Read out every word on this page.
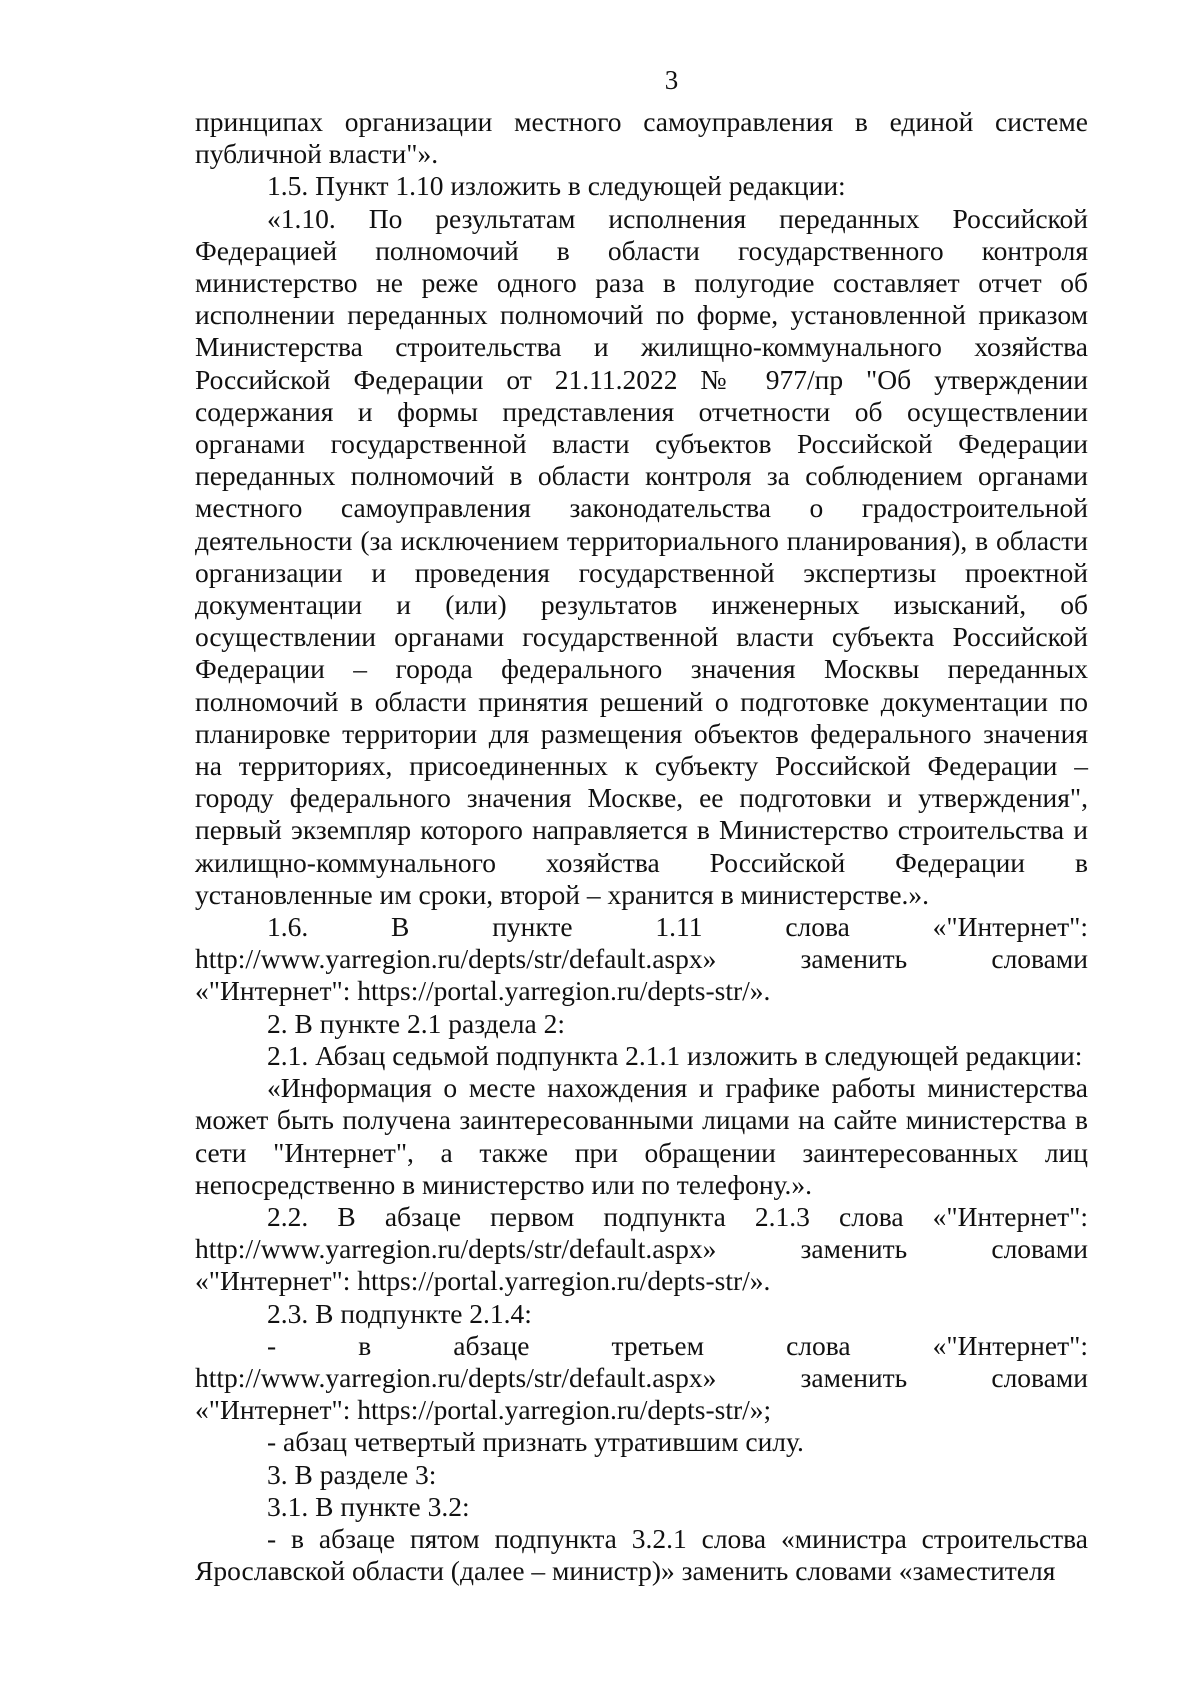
3

принципах организации местного самоуправления в единой системе публичной власти"».

1.5. Пункт 1.10 изложить в следующей редакции:

«1.10. По результатам исполнения переданных Российской Федерацией полномочий в области государственного контроля министерство не реже одного раза в полугодие составляет отчет об исполнении переданных полномочий по форме, установленной приказом Министерства строительства и жилищно-коммунального хозяйства Российской Федерации от 21.11.2022 № 977/пр "Об утверждении содержания и формы представления отчетности об осуществлении органами государственной власти субъектов Российской Федерации переданных полномочий в области контроля за соблюдением органами местного самоуправления законодательства о градостроительной деятельности (за исключением территориального планирования), в области организации и проведения государственной экспертизы проектной документации и (или) результатов инженерных изысканий, об осуществлении органами государственной власти субъекта Российской Федерации – города федерального значения Москвы переданных полномочий в области принятия решений о подготовке документации по планировке территории для размещения объектов федерального значения на территориях, присоединенных к субъекту Российской Федерации – городу федерального значения Москве, ее подготовки и утверждения", первый экземпляр которого направляется в Министерство строительства и жилищно-коммунального хозяйства Российской Федерации в установленные им сроки, второй – хранится в министерстве.».

1.6. В пункте 1.11 слова «"Интернет": http://www.yarregion.ru/depts/str/default.aspx» заменить словами «"Интернет": https://portal.yarregion.ru/depts-str/».

2. В пункте 2.1 раздела 2:

2.1. Абзац седьмой подпункта 2.1.1 изложить в следующей редакции:

«Информация о месте нахождения и графике работы министерства может быть получена заинтересованными лицами на сайте министерства в сети "Интернет", а также при обращении заинтересованных лиц непосредственно в министерство или по телефону.».

2.2. В абзаце первом подпункта 2.1.3 слова «"Интернет": http://www.yarregion.ru/depts/str/default.aspx» заменить словами «"Интернет": https://portal.yarregion.ru/depts-str/».

2.3. В подпункте 2.1.4:

- в абзаце третьем слова «"Интернет": http://www.yarregion.ru/depts/str/default.aspx» заменить словами «"Интернет": https://portal.yarregion.ru/depts-str/»;

- абзац четвертый признать утратившим силу.

3. В разделе 3:

3.1. В пункте 3.2:

- в абзаце пятом подпункта 3.2.1 слова «министра строительства Ярославской области (далее – министр)» заменить словами «заместителя
